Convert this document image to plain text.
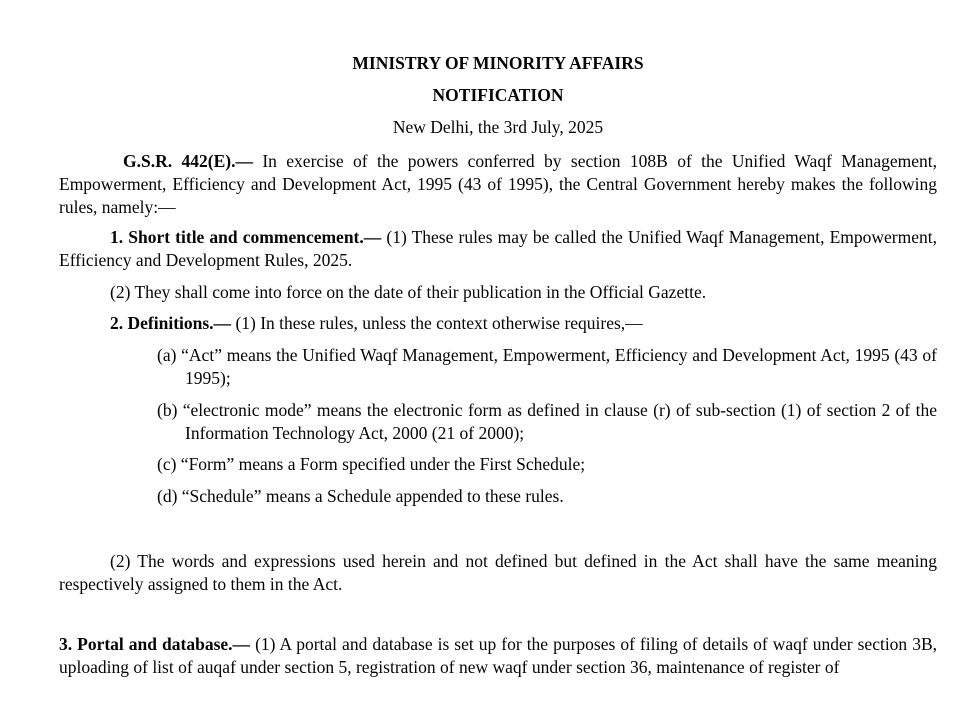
MINISTRY OF MINORITY AFFAIRS

NOTIFICATION

New Delhi, the 3rd July, 2025

G.S.R. 442(E).— In exercise of the powers conferred by section 108B of the Unified Waqf Management, Empowerment, Efficiency and Development Act, 1995 (43 of 1995), the Central Government hereby makes the following rules, namely:—

1. Short title and commencement.— (1) These rules may be called the Unified Waqf Management, Empowerment, Efficiency and Development Rules, 2025.

(2) They shall come into force on the date of their publication in the Official Gazette.

2. Definitions.— (1) In these rules, unless the context otherwise requires,—

(a) “Act” means the Unified Waqf Management, Empowerment, Efficiency and Development Act, 1995 (43 of 1995);

(b) “electronic mode” means the electronic form as defined in clause (r) of sub-section (1) of section 2 of the Information Technology Act, 2000 (21 of 2000);

(c) “Form” means a Form specified under the First Schedule;

(d) “Schedule” means a Schedule appended to these rules.

(2) The words and expressions used herein and not defined but defined in the Act shall have the same meaning respectively assigned to them in the Act.

3. Portal and database.— (1) A portal and database is set up for the purposes of filing of details of waqf under section 3B, uploading of list of auqaf under section 5, registration of new waqf under section 36, maintenance of register of
